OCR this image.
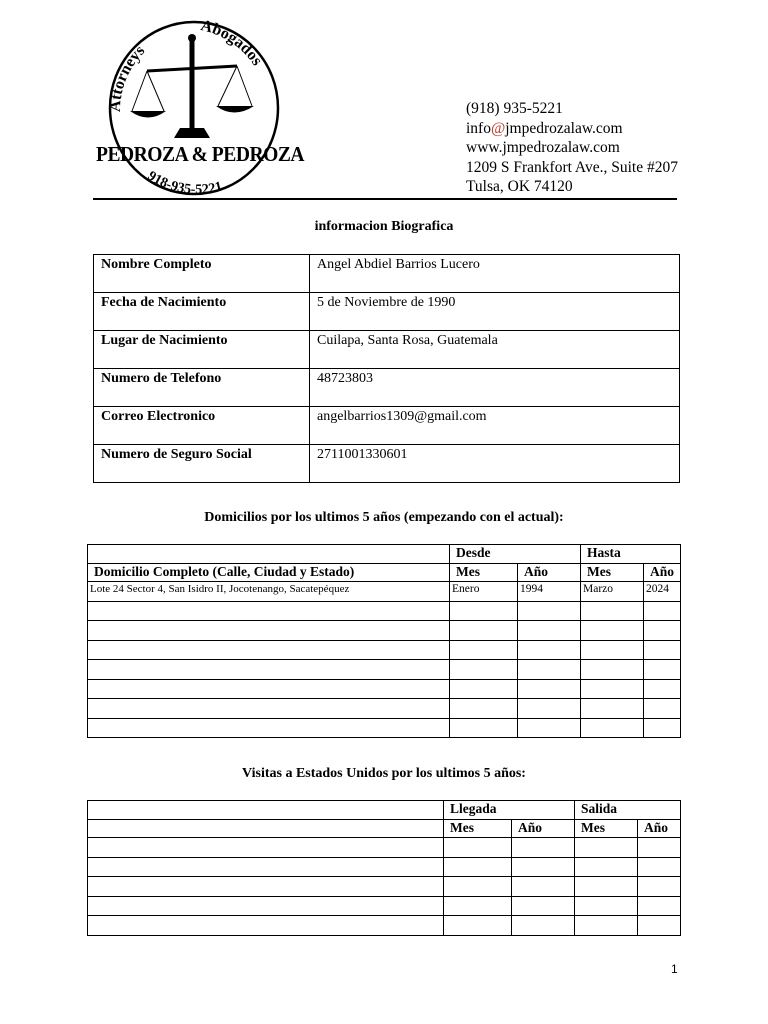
Attorneys
Abogados
918-935-5221
PEDROZA & PEDROZA
(918) 935-5221
info@jmpedrozalaw.com
www.jmpedrozalaw.com
1209 S Frankfort Ave., Suite #207
Tulsa, OK 74120
informacion Biografica
Nombre Completo	Angel Abdiel Barrios Lucero
Fecha de Nacimiento	5 de Noviembre de 1990
Lugar de Nacimiento	Cuilapa, Santa Rosa, Guatemala
Numero de Telefono	48723803
Correo Electronico	angelbarrios1309@gmail.com
Numero de Seguro Social	2711001330601
Domicilios por los ultimos 5 años (empezando con el actual):
	Desde		Hasta	
Domicilio Completo (Calle, Ciudad y Estado)	Mes	Año	Mes	Año
Lote 24 Sector 4, San Isidro II, Jocotenango, Sacatepéquez	Enero	1994	Marzo	2024

Visitas a Estados Unidos por los ultimos 5 años:
	Llegada		Salida	
	Mes	Año	Mes	Año

1
